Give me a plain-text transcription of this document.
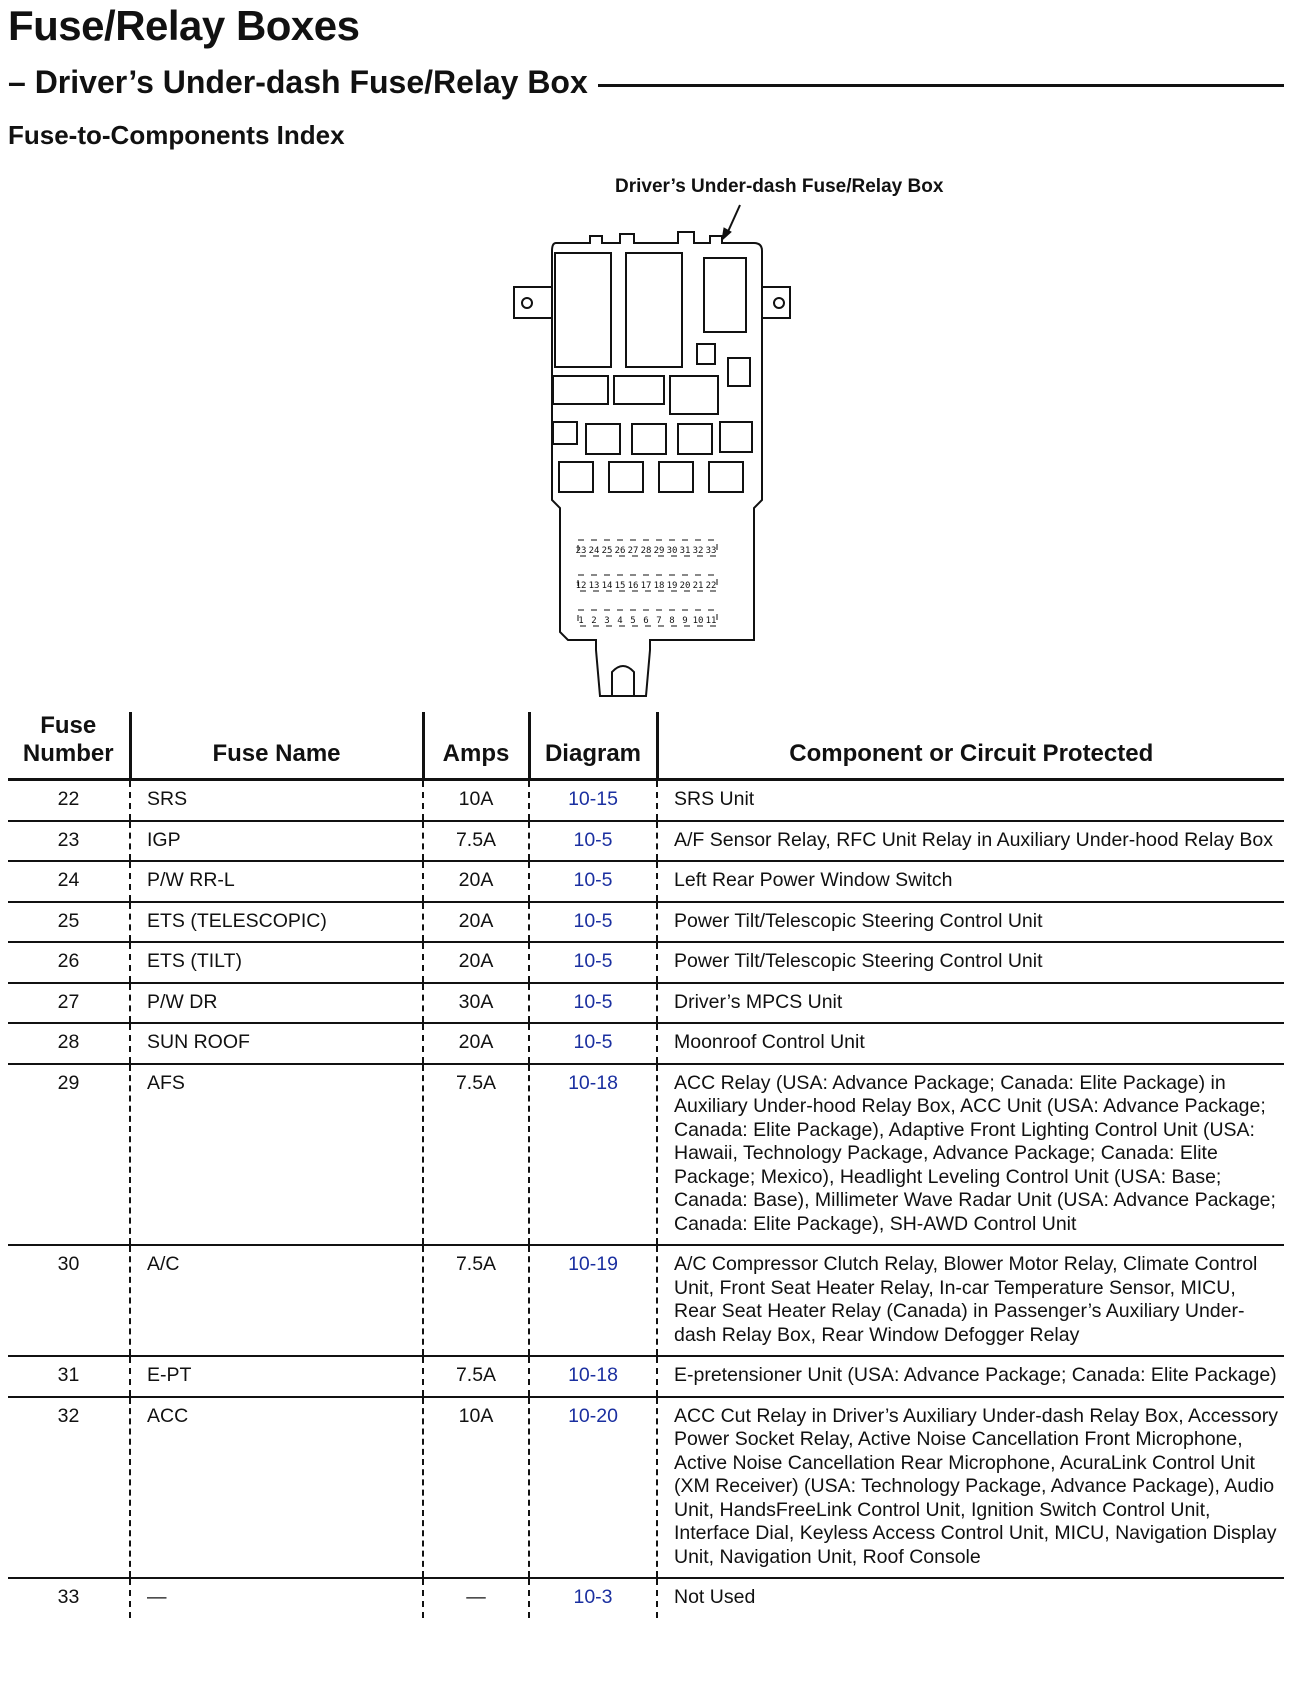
Fuse/Relay Boxes
– Driver’s Under-dash Fuse/Relay Box
Fuse-to-Components Index
Driver’s Under-dash Fuse/Relay Box
23 24 25 26 27 28 29 30 31 32 33
12 13 14 15 16 17 18 19 20 21 22
1 2 3 4 5 6 7 8 9 10 11
Fuse Number	Fuse Name	Amps	Diagram	Component or Circuit Protected
22	SRS	10A	10-15	SRS Unit
23	IGP	7.5A	10-5	A/F Sensor Relay, RFC Unit Relay in Auxiliary Under-hood Relay Box
24	P/W RR-L	20A	10-5	Left Rear Power Window Switch
25	ETS (TELESCOPIC)	20A	10-5	Power Tilt/Telescopic Steering Control Unit
26	ETS (TILT)	20A	10-5	Power Tilt/Telescopic Steering Control Unit
27	P/W DR	30A	10-5	Driver’s MPCS Unit
28	SUN ROOF	20A	10-5	Moonroof Control Unit
29	AFS	7.5A	10-18	ACC Relay (USA: Advance Package; Canada: Elite Package) in Auxiliary Under-hood Relay Box, ACC Unit (USA: Advance Package; Canada: Elite Package), Adaptive Front Lighting Control Unit (USA: Hawaii, Technology Package, Advance Package; Canada: Elite Package; Mexico), Headlight Leveling Control Unit (USA: Base; Canada: Base), Millimeter Wave Radar Unit (USA: Advance Package; Canada: Elite Package), SH-AWD Control Unit
30	A/C	7.5A	10-19	A/C Compressor Clutch Relay, Blower Motor Relay, Climate Control Unit, Front Seat Heater Relay, In-car Temperature Sensor, MICU, Rear Seat Heater Relay (Canada) in Passenger’s Auxiliary Under-dash Relay Box, Rear Window Defogger Relay
31	E-PT	7.5A	10-18	E-pretensioner Unit (USA: Advance Package; Canada: Elite Package)
32	ACC	10A	10-20	ACC Cut Relay in Driver’s Auxiliary Under-dash Relay Box, Accessory Power Socket Relay, Active Noise Cancellation Front Microphone, Active Noise Cancellation Rear Microphone, AcuraLink Control Unit (XM Receiver) (USA: Technology Package, Advance Package), Audio Unit, HandsFreeLink Control Unit, Ignition Switch Control Unit, Interface Dial, Keyless Access Control Unit, MICU, Navigation Display Unit, Navigation Unit, Roof Console
33	—	—	10-3	Not Used
